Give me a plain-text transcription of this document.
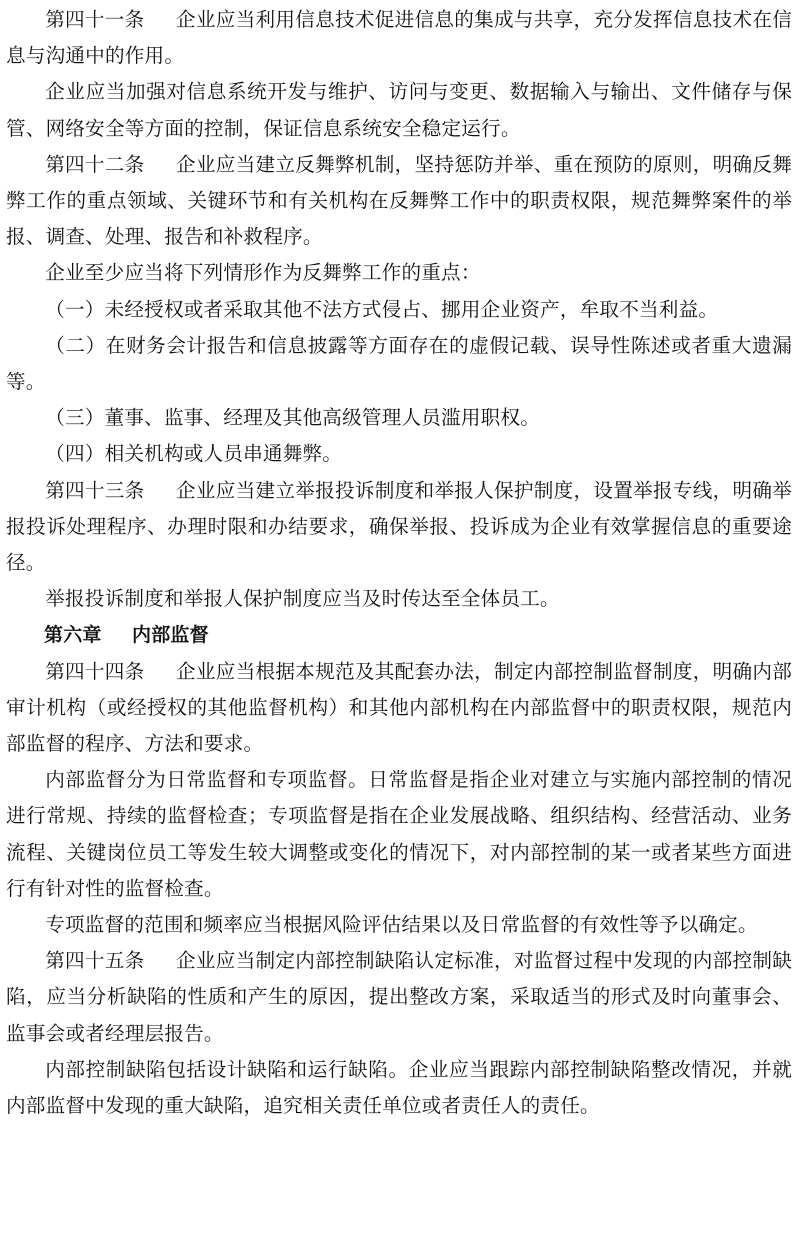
第四十一条 企业应当利用信息技术促进信息的集成与共享，充分发挥信息技术在信息与沟通中的作用。

企业应当加强对信息系统开发与维护、访问与变更、数据输入与输出、文件储存与保管、网络安全等方面的控制，保证信息系统安全稳定运行。

第四十二条 企业应当建立反舞弊机制，坚持惩防并举、重在预防的原则，明确反舞弊工作的重点领域、关键环节和有关机构在反舞弊工作中的职责权限，规范舞弊案件的举报、调查、处理、报告和补救程序。

企业至少应当将下列情形作为反舞弊工作的重点：

（一）未经授权或者采取其他不法方式侵占、挪用企业资产，牟取不当利益。

（二）在财务会计报告和信息披露等方面存在的虚假记载、误导性陈述或者重大遗漏等。

（三）董事、监事、经理及其他高级管理人员滥用职权。

（四）相关机构或人员串通舞弊。

第四十三条 企业应当建立举报投诉制度和举报人保护制度，设置举报专线，明确举报投诉处理程序、办理时限和办结要求，确保举报、投诉成为企业有效掌握信息的重要途径。

举报投诉制度和举报人保护制度应当及时传达至全体员工。

第六章 内部监督

第四十四条 企业应当根据本规范及其配套办法，制定内部控制监督制度，明确内部审计机构（或经授权的其他监督机构）和其他内部机构在内部监督中的职责权限，规范内部监督的程序、方法和要求。

内部监督分为日常监督和专项监督。日常监督是指企业对建立与实施内部控制的情况进行常规、持续的监督检查；专项监督是指在企业发展战略、组织结构、经营活动、业务流程、关键岗位员工等发生较大调整或变化的情况下，对内部控制的某一或者某些方面进行有针对性的监督检查。

专项监督的范围和频率应当根据风险评估结果以及日常监督的有效性等予以确定。

第四十五条 企业应当制定内部控制缺陷认定标准，对监督过程中发现的内部控制缺陷，应当分析缺陷的性质和产生的原因，提出整改方案，采取适当的形式及时向董事会、监事会或者经理层报告。

内部控制缺陷包括设计缺陷和运行缺陷。企业应当跟踪内部控制缺陷整改情况，并就内部监督中发现的重大缺陷，追究相关责任单位或者责任人的责任。
